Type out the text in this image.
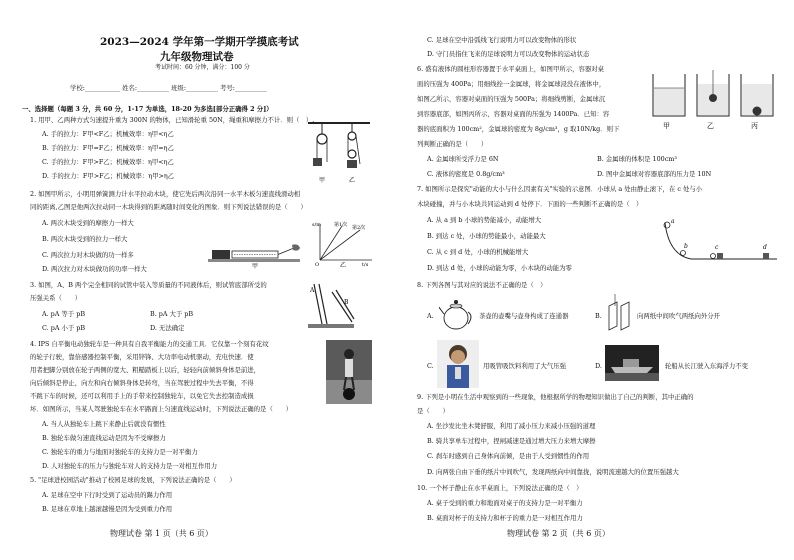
2023—2024 学年第一学期开学摸底考试
九年级物理试卷
考试时间：60 分钟，满分：100 分
学校:___________ 姓名:__________ 班级:__________ 考号:__________
一、选择题（每题 3 分，共 60 分，1-17 为单选，18-20 为多选[部分正确得 2 分]）
1. 用甲、乙两种方式匀速提升重为 300N 的物体，已知滑轮重 50N，绳重和摩擦力不计．则（　）.
A. 手的拉力：F甲<F乙；机械效率：η甲<η乙
B. 手的拉力：F甲=F乙；机械效率：η甲=η乙
C. 手的拉力：F甲>F乙；机械效率：η甲<η乙
D. 手的拉力：F甲>F乙；机械效率：η甲>η乙
2. 如图甲所示，小明用弹簧测力计水平拉动木块，使它先后两次沿同一水平木板匀速直线滑动相
同的距离,乙图是他两次拉动同一木块得到的距离随时间变化的图象．则下列说法错误的是（　　）
A. 两次木块受到的摩擦力一样大
B. 两次木块受到的拉力一样大
C. 两次拉力对木块做的功一样多
D. 两次拉力对木块做功的功率一样大
3. 如图，A、B 两个完全相同的试管中装入等质量的不同液体后，则试管底部所受的
压强关系（　　）
A. pA 等于 pB	B. pA 大于 pB
C. pA 小于 pB	D. 无法确定
4. IPS 自平衡电动独轮车是一种具有自我平衡能力的交通工具．它仅靠一个刻有花纹
的轮子行驶，靠倍感器控制平衡，采用锌锋、大功率电动机驱动，充电快速．使
用者把脚分别放在轮子两侧的宽大、粗糙踏板上以后，轻轻向前倾斜身体是前进，
向后倾斜是停止，向左和向右倾斜身体是转弯，当在驾驶过程中失去平衡，不得
不跳下车的时候，还可以利用手上的手带来控制独轮车，以免它失去控制造成损
坏．如图所示，当某人驾驶独轮车在水平路面上匀速直线运动时，下列说法正确的是（　　）
A. 当人从独轮车上跳下来静止后就没有惯性
B. 独轮车做匀速直线运动是因为不受摩擦力
C. 独轮车的重力与地面对独轮车的支持力是一对平衡力
D. 人对独轮车的压力与独轮车对人的支持力是一对相互作用力
5. "足球进校园活动"推动了校园足球的发展，下列说法正确的是（　　）
A. 足球在空中下行时受到了运动员的踢力作用
B. 足球在草地上越滚越慢是因为受到重力作用
甲	乙
甲
s/m	第1次 第2次
O	t/s
乙
A
B
物理试卷 第 1 页（共 6 页）
C. 足球在空中沿弧线飞行说明力可以改变物体的形状
D. 守门员指住飞来的足球说明力可以改变物体的运动状态
6. 盛有液体的圆柱形容器置于水平桌面上，如图甲所示，容器对桌
面的压强为 400Pa；用细线拴一金属球，将金属球浸没在液体中，
如图乙所示，容器对桌面的压强为 500Pa；将细线剪断，金属球沉
到容器底部，如图丙所示，容器对桌面的压强为 1400Pa．已知：容
器的底面积为 100cm²，金属球的密度为 8g/cm³，g 取10N/kg．则下
列判断正确的是（　　）
A. 金属球所受浮力是 6N	B. 金属球的体积是 100cm³
C. 液体的密度是 0.8g/cm³	D. 图中金属球对容器底部的压力是 10N
7. 如图所示是探究"动能的大小与什么因素有关"实验的示意图．小球从 a 处由静止滚下，在 c 处与小
木块碰撞，并与小木块共同运动到 d 处停下．下面的一些判断不正确的是（　）
A. 从 a 到 b 小球的势能减小，动能增大
B. 到达 c 处，小球的势能最小，动能最大
C. 从 c 到 d 处，小球的机械能增大
D. 到达 d 处，小球的动能为零，小木块的动能为零
8. 下列各图与其对应的说法不正确的是（　）
A.	茶壶的壶嘴与壶身构成了连通器	B.	向两纸中间吹气两纸向外分开
C.	用吸管吸饮料利用了大气压强	D.	轮船从长江驶入东海浮力不变
9. 下列是小明在生活中观察到的一些现象，他根据所学的物理知识做出了自己的判断，其中正确的
是（　　）
A. 坐沙发比坐木凳舒服，利用了减小压力来减小压强的道理
B. 骑共享单车过程中，捏闸减速是通过增大压力来增大摩擦
C. 刹车时感到自己身体向前倾，是由于人受到惯性的作用
D. 向两张自由下垂的纸片中间吹气，发现两纸向中间靠拢，说明流速越大的位置压强越大
10. 一个杯子静止在水平桌面上，下列说法正确的是（　）
A. 桌子受到的重力和地面对桌子的支持力是一对平衡力
B. 桌面对杯子的支持力和杯子的重力是一对相互作用力
甲	乙	丙
a
b	c	d
物理试卷 第 2 页（共 6 页）
